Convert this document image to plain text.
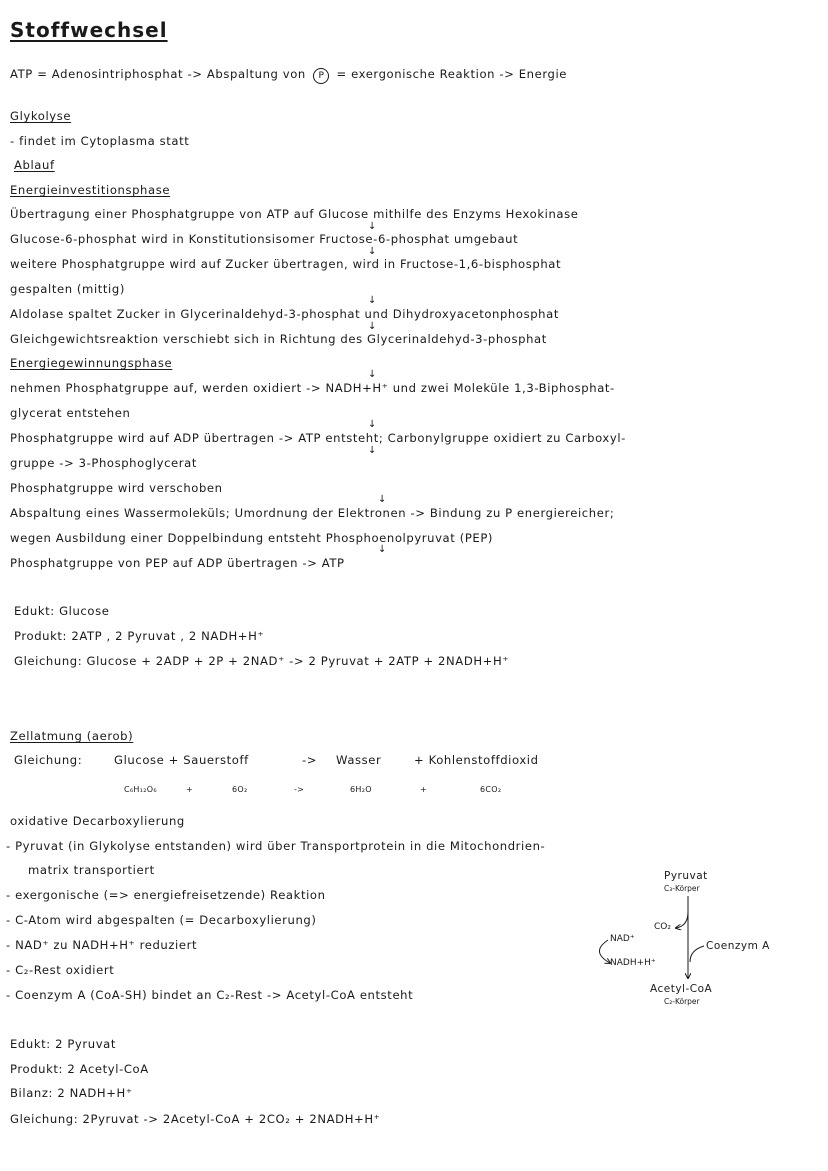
Stoffwechsel
ATP = Adenosintriphosphat -> Abspaltung von P = exergonische Reaktion -> Energie
Glykolyse
- findet im Cytoplasma statt
Ablauf
Energieinvestitionsphase
Übertragung einer Phosphatgruppe von ATP auf Glucose mithilfe des Enzyms Hexokinase
↓
Glucose-6-phosphat wird in Konstitutionsisomer Fructose-6-phosphat umgebaut
↓
weitere Phosphatgruppe wird auf Zucker übertragen, wird in Fructose-1,6-bisphosphat
gespalten (mittig)
↓
Aldolase spaltet Zucker in Glycerinaldehyd-3-phosphat und Dihydroxyacetonphosphat
↓
Gleichgewichtsreaktion verschiebt sich in Richtung des Glycerinaldehyd-3-phosphat
Energiegewinnungsphase
↓
nehmen Phosphatgruppe auf, werden oxidiert -> NADH+H⁺ und zwei Moleküle 1,3-Biphosphat-
glycerat entstehen
↓
Phosphatgruppe wird auf ADP übertragen -> ATP entsteht; Carbonylgruppe oxidiert zu Carboxyl-
↓
gruppe -> 3-Phosphoglycerat
Phosphatgruppe wird verschoben
↓
Abspaltung eines Wassermoleküls; Umordnung der Elektronen -> Bindung zu P energiereicher;
wegen Ausbildung einer Doppelbindung entsteht Phosphoenolpyruvat (PEP)
↓
Phosphatgruppe von PEP auf ADP übertragen -> ATP
Edukt: Glucose
Produkt: 2ATP , 2 Pyruvat , 2 NADH+H⁺
Gleichung: Glucose + 2ADP + 2P + 2NAD⁺ -> 2 Pyruvat + 2ATP + 2NADH+H⁺
Zellatmung (aerob)
Gleichung:	Glucose + Sauerstoff	-> Wasser	+ Kohlenstoffdioxid
C₆H₁₂O₆	+	6O₂	->	6H₂O	+	6CO₂
oxidative Decarboxylierung
- Pyruvat (in Glykolyse entstanden) wird über Transportprotein in die Mitochondrien-
matrix transportiert
- exergonische (=> energiefreisetzende) Reaktion
- C-Atom wird abgespalten (= Decarboxylierung)
- NAD⁺ zu NADH+H⁺ reduziert
- C₂-Rest oxidiert
- Coenzym A (CoA-SH) bindet an C₂-Rest -> Acetyl-CoA entsteht
Edukt: 2 Pyruvat
Produkt: 2 Acetyl-CoA
Bilanz: 2 NADH+H⁺
Gleichung: 2Pyruvat -> 2Acetyl-CoA + 2CO₂ + 2NADH+H⁺
Pyruvat
C₃-Körper
CO₂
NAD⁺
NADH+H⁺
Coenzym A
Acetyl-CoA
C₂-Körper
